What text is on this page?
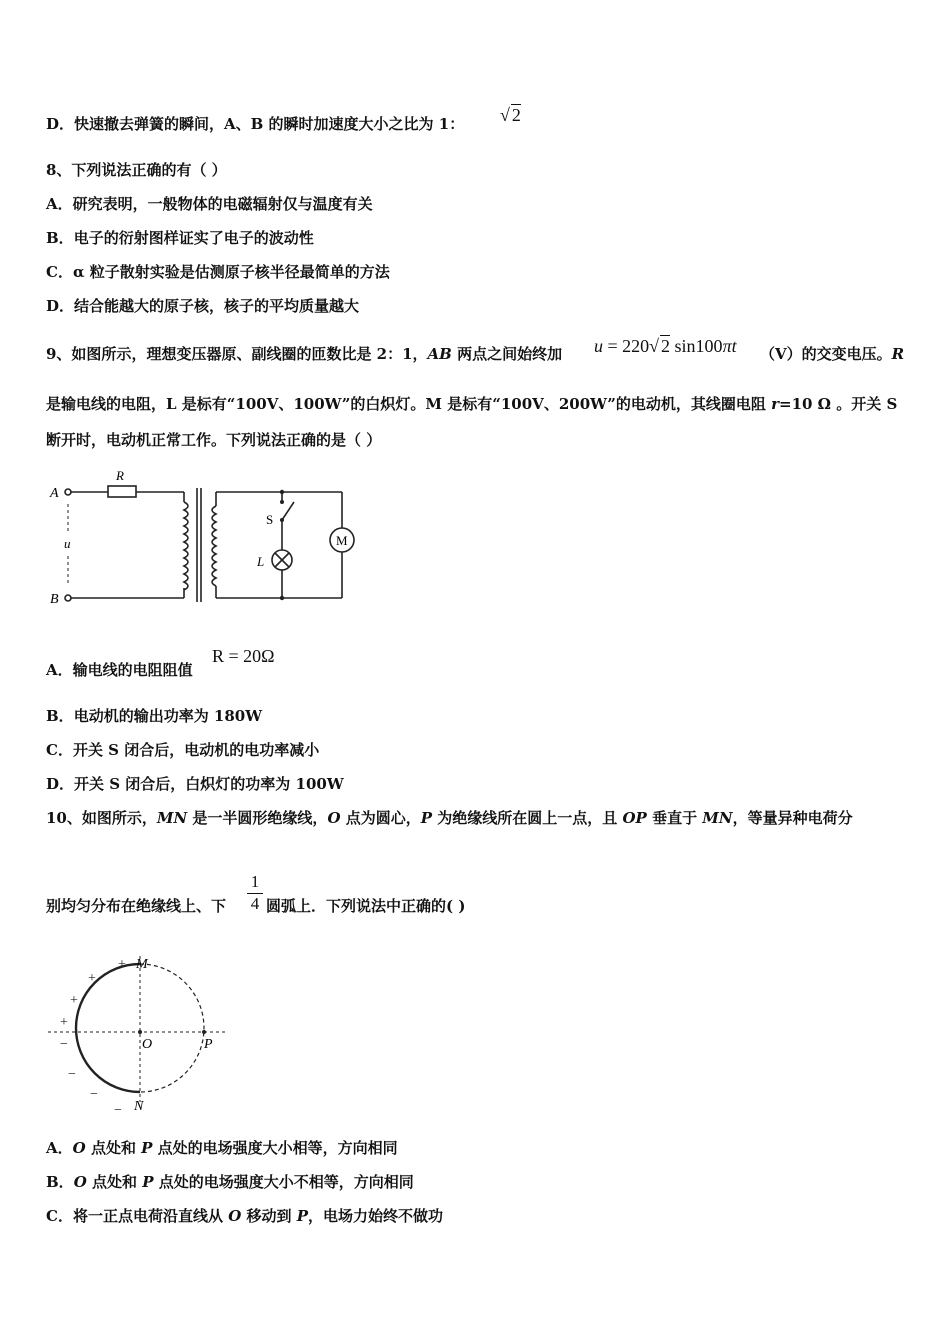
D．快速撤去弹簧的瞬间，A、B 的瞬时加速度大小之比为 1： √ 2
8、下列说法正确的有（ ）
A．研究表明，一般物体的电磁辐射仅与温度有关
B．电子的衍射图样证实了电子的波动性
C．α 粒子散射实验是估测原子核半径最简单的方法
D．结合能越大的原子核，核子的平均质量越大
9、如图所示，理想变压器原、副线圈的匝数比是 2：1，AB 两点之间始终加 u = 220√ 2 sin100πt （V）的交变电压。R
是输电线的电阻，L 是标有“100V、100W”的白炽灯。M 是标有“100V、200W”的电动机，其线圈电阻 r=10 Ω 。开关 S
断开时，电动机正常工作。下列说法正确的是（ ）
A
B
R
u
S
L
M
A．输电线的电阻阻值
R = 20Ω
B．电动机的输出功率为 180W
C．开关 S 闭合后，电动机的电功率减小
D．开关 S 闭合后，白炽灯的功率为 100W
10、如图所示，MN 是一半圆形绝缘线，O 点为圆心，P 为绝缘线所在圆上一点，且 OP 垂直于 MN，等量异种电荷分
别均匀分布在绝缘线上、下 $\frac{1}{4}$ 圆弧上．下列说法中正确的( )
M
N
O	P
+
+
+
+
−
−
−
−
A．O 点处和 P 点处的电场强度大小相等，方向相同
B．O 点处和 P 点处的电场强度大小不相等，方向相同
C．将一正点电荷沿直线从 O 移动到 P，电场力始终不做功
